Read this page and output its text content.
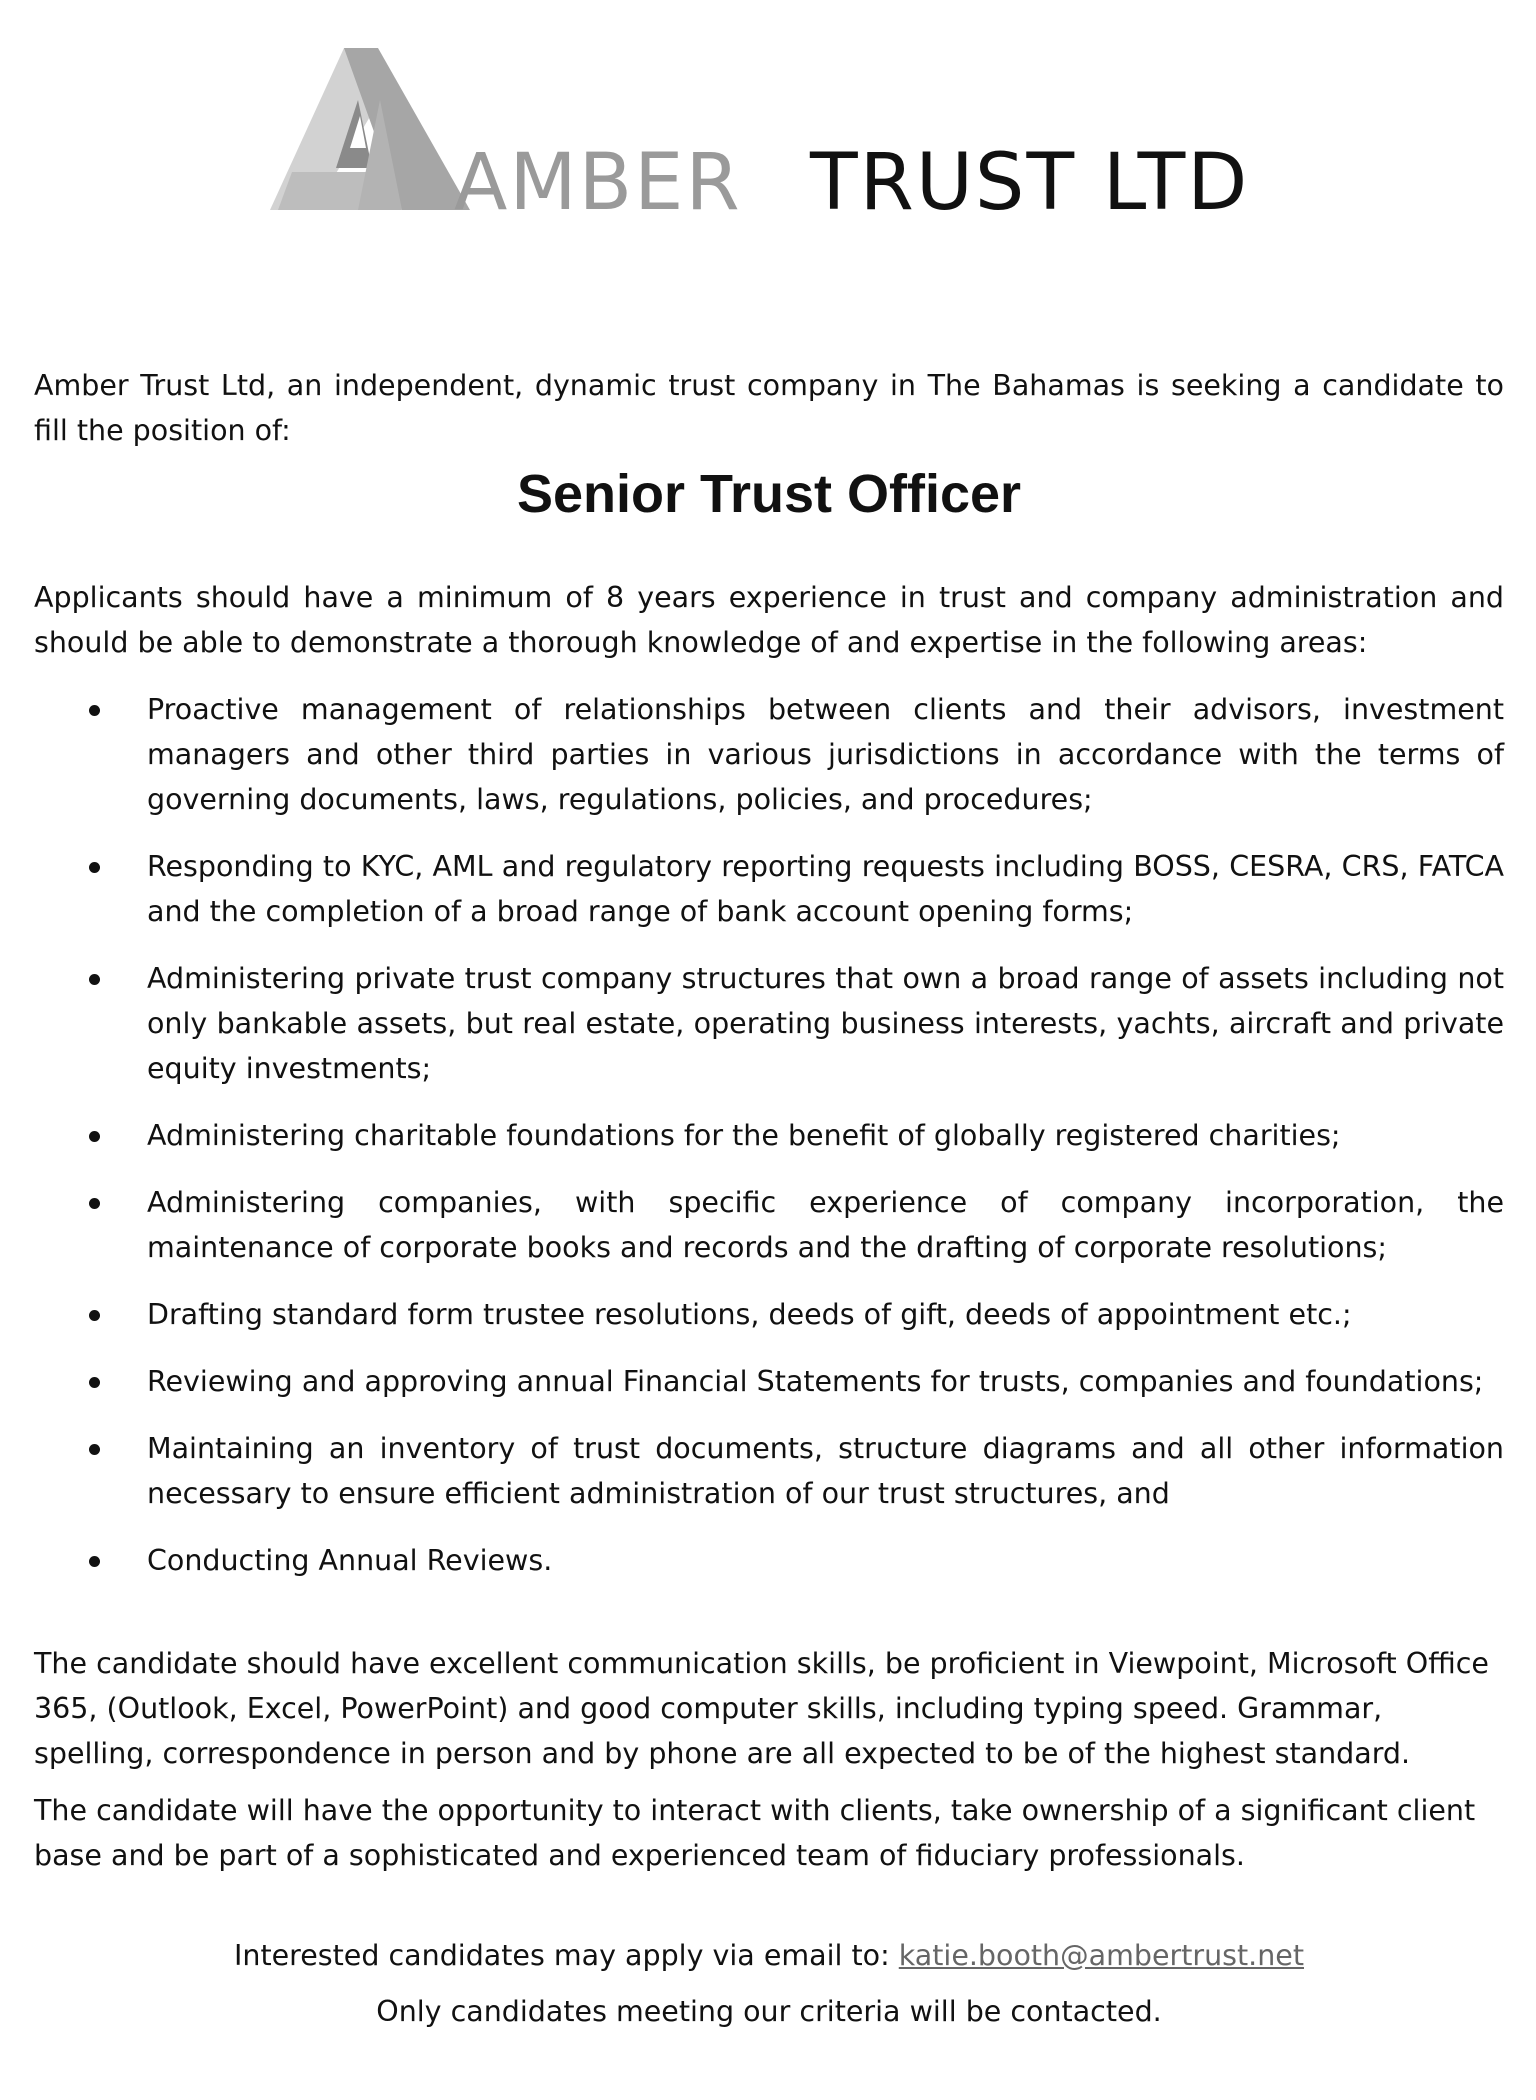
AMBER TRUST LTD

Amber Trust Ltd, an independent, dynamic trust company in The Bahamas is seeking a candidate to fill the position of:

Senior Trust Officer

Applicants should have a minimum of 8 years experience in trust and company administration and should be able to demonstrate a thorough knowledge of and expertise in the following areas:

Proactive management of relationships between clients and their advisors, investment managers and other third parties in various jurisdictions in accordance with the terms of governing documents, laws, regulations, policies, and procedures;
Responding to KYC, AML and regulatory reporting requests including BOSS, CESRA, CRS, FATCA and the completion of a broad range of bank account opening forms;
Administering private trust company structures that own a broad range of assets including not only bankable assets, but real estate, operating business interests, yachts, aircraft and private equity investments;
Administering charitable foundations for the benefit of globally registered charities;
Administering companies, with specific experience of company incorporation, the maintenance of corporate books and records and the drafting of corporate resolutions;
Drafting standard form trustee resolutions, deeds of gift, deeds of appointment etc.;
Reviewing and approving annual Financial Statements for trusts, companies and foundations;
Maintaining an inventory of trust documents, structure diagrams and all other information necessary to ensure efficient administration of our trust structures, and
Conducting Annual Reviews.

The candidate should have excellent communication skills, be proficient in Viewpoint, Microsoft Office 365, (Outlook, Excel, PowerPoint) and good computer skills, including typing speed. Grammar, spelling, correspondence in person and by phone are all expected to be of the highest standard.

The candidate will have the opportunity to interact with clients, take ownership of a significant client base and be part of a sophisticated and experienced team of fiduciary professionals.

Interested candidates may apply via email to: katie.booth@ambertrust.net
Only candidates meeting our criteria will be contacted.
